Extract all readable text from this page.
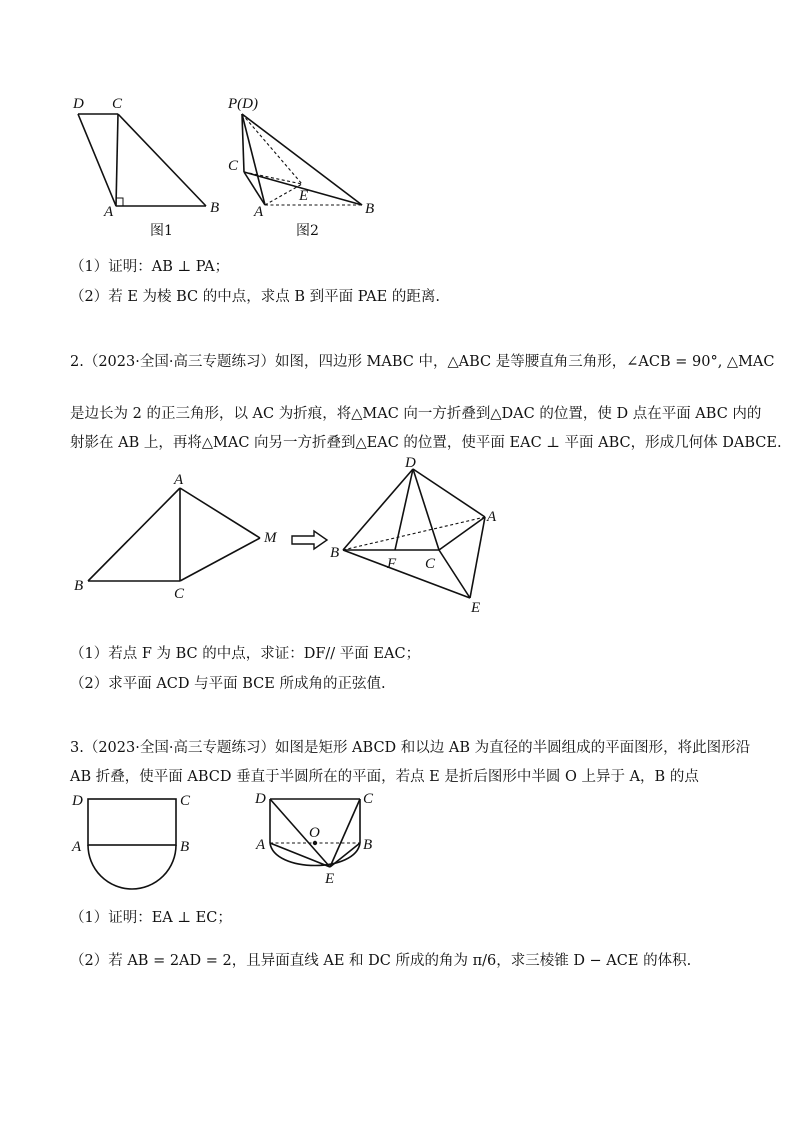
D C
A	B
图1
P(D)
C
A
E
B
图2
（1）证明：AB ⊥ PA；
（2）若 E 为棱 BC 的中点，求点 B 到平面 PAE 的距离.
2.（2023·全国·高三专题练习）如图，四边形 MABC 中，△ABC 是等腰直角三角形，∠ACB = 90°, △MAC
是边长为 2 的正三角形，以 AC 为折痕，将△MAC 向一方折叠到△DAC 的位置，使 D 点在平面 ABC 内的
射影在 AB 上，再将△MAC 向另一方折叠到△EAC 的位置，使平面 EAC ⊥ 平面 ABC，形成几何体 DABCE.
A
B	C
M
D
A
B
F C
E
（1）若点 F 为 BC 的中点，求证：DF// 平面 EAC；
（2）求平面 ACD 与平面 BCE 所成角的正弦值.
3.（2023·全国·高三专题练习）如图是矩形 ABCD 和以边 AB 为直径的半圆组成的平面图形，将此图形沿
AB 折叠，使平面 ABCD 垂直于半圆所在的平面，若点 E 是折后图形中半圆 O 上异于 A，B 的点
D	C
A	B
D	C
O
A	B
E
（1）证明：EA ⊥ EC；
（2）若 AB = 2AD = 2，且异面直线 AE 和 DC 所成的角为 π/6，求三棱锥 D − ACE 的体积.
